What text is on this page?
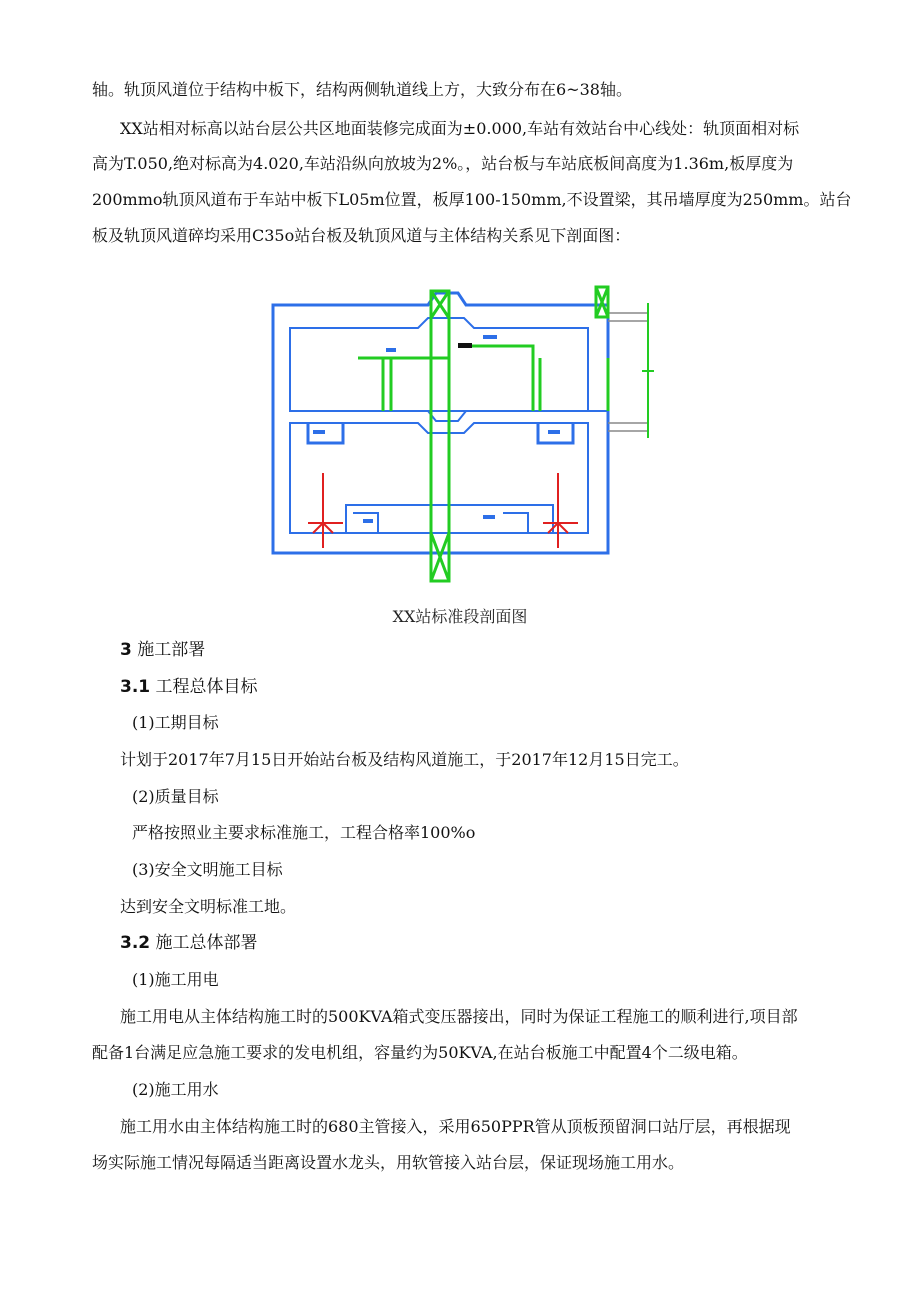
轴。轨顶风道位于结构中板下，结构两侧轨道线上方，大致分布在6~38轴。

XX站相对标高以站台层公共区地面装修完成面为±0.000,车站有效站台中心线处：轨顶面相对标

高为T.050,绝对标高为4.020,车站沿纵向放坡为2%。，站台板与车站底板间高度为1.36m,板厚度为

200mmo轨顶风道布于车站中板下L05m位置，板厚100-150mm,不设置梁，其吊墙厚度为250mm。站台

板及轨顶风道碎均采用C35o站台板及轨顶风道与主体结构关系见下剖面图：

XX站标准段剖面图

3 施工部署

3.1 工程总体目标

(1)工期目标

计划于2017年7月15日开始站台板及结构风道施工，于2017年12月15日完工。

(2)质量目标

严格按照业主要求标准施工，工程合格率100%o

(3)安全文明施工目标

达到安全文明标准工地。

3.2 施工总体部署

(1)施工用电

施工用电从主体结构施工时的500KVA箱式变压器接出，同时为保证工程施工的顺利进行,项目部

配备1台满足应急施工要求的发电机组，容量约为50KVA,在站台板施工中配置4个二级电箱。

(2)施工用水

施工用水由主体结构施工时的680主管接入，采用650PPR管从顶板预留洞口站厅层，再根据现

场实际施工情况每隔适当距离设置水龙头，用软管接入站台层，保证现场施工用水。
